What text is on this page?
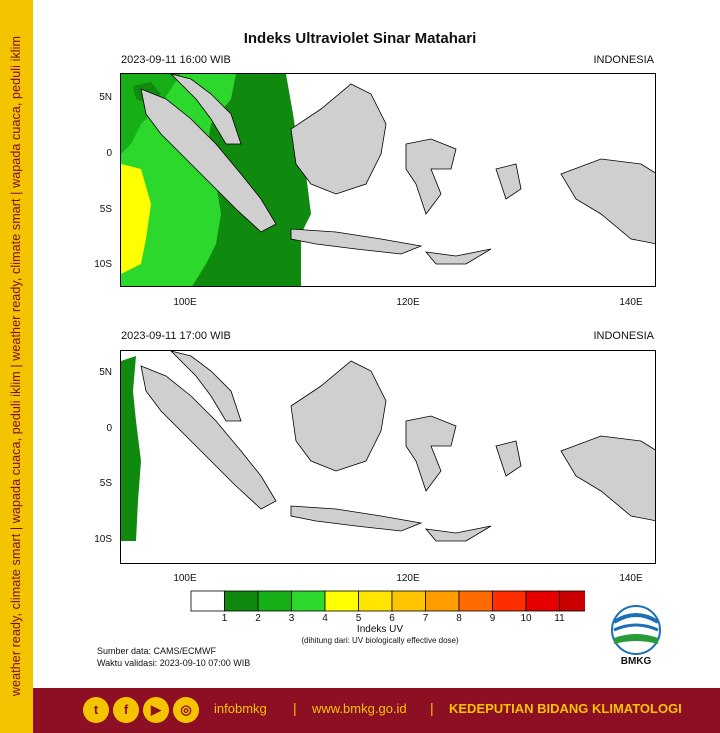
weather ready, climate smart | wapada cuaca, peduli iklim | weather ready, climate smart | wapada cuaca, peduli iklim	Indeks Ultraviolet Sinar Matahari
2023-09-11 16:00 WIB	INDONESIA
5N
0
5S
10S
100E	120E	140E
2023-09-11 17:00 WIB	INDONESIA
5N
0
5S
10S
100E	120E	140E
1	2	3	4	5	6	7	8	9	10	11
Indeks UV
(dihitung dari: UV biologically effective dose)
Sumber data: CAMS/ECMWF
Waktu validasi: 2023-09-10 07:00 WIB	BMKG
t	f	▶	◎	infobmkg | www.bmkg.go.id | KEDEPUTIAN BIDANG KLIMATOLOGI
